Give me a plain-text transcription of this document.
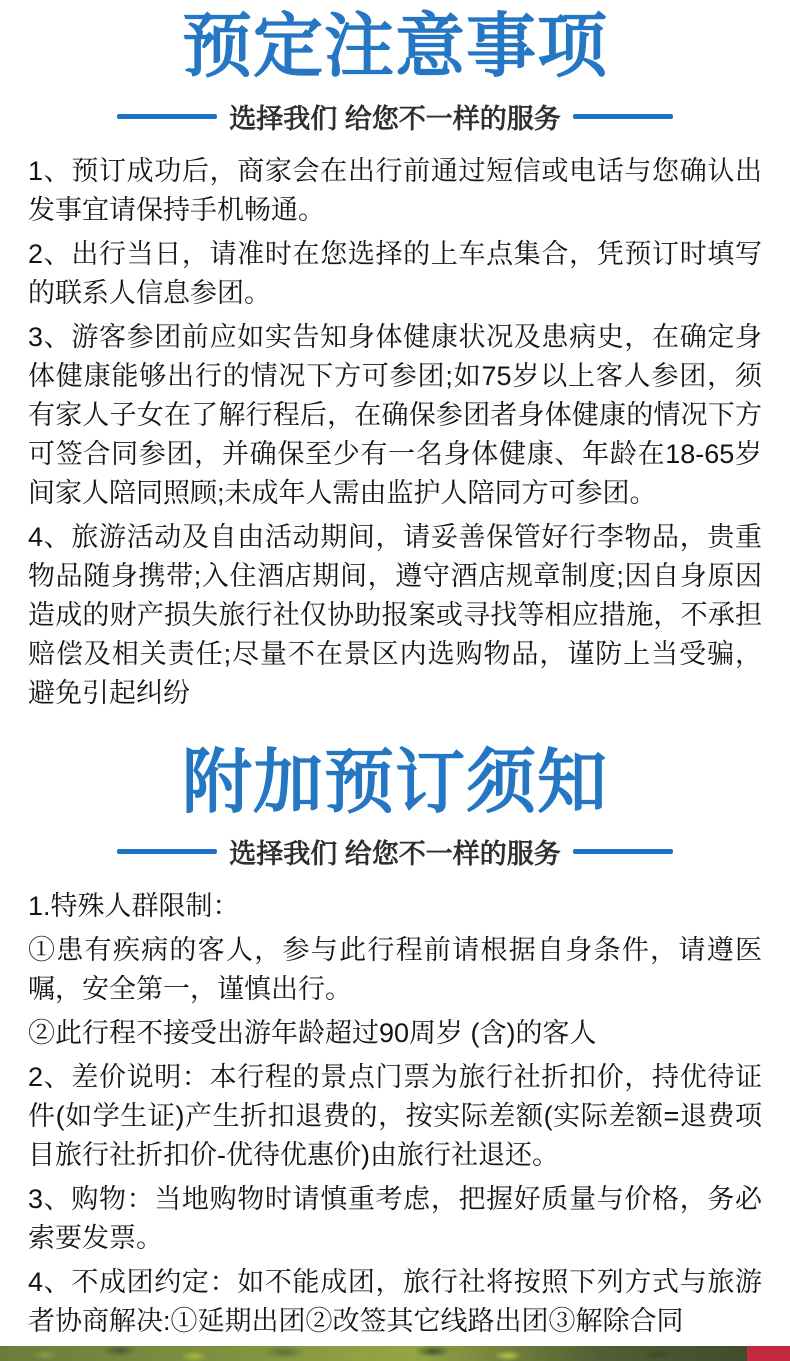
预定注意事项
选择我们 给您不一样的服务

1、预订成功后，商家会在出行前通过短信或电话与您确认出发事宜请保持手机畅通。

2、出行当日，请准时在您选择的上车点集合，凭预订时填写的联系人信息参团。

3、游客参团前应如实告知身体健康状况及患病史，在确定身体健康能够出行的情况下方可参团;如75岁以上客人参团，须有家人子女在了解行程后，在确保参团者身体健康的情况下方可签合同参团，并确保至少有一名身体健康、年龄在18-65岁间家人陪同照顾;未成年人需由监护人陪同方可参团。

4、旅游活动及自由活动期间，请妥善保管好行李物品，贵重物品随身携带;入住酒店期间，遵守酒店规章制度;因自身原因造成的财产损失旅行社仅协助报案或寻找等相应措施，不承担赔偿及相关责任;尽量不在景区内选购物品，谨防上当受骗，避免引起纠纷

附加预订须知
选择我们 给您不一样的服务

1.特殊人群限制：

①患有疾病的客人，参与此行程前请根据自身条件，请遵医嘱，安全第一，谨慎出行。

②此行程不接受出游年龄超过90周岁 (含)的客人

2、差价说明：本行程的景点门票为旅行社折扣价，持优待证件(如学生证)产生折扣退费的，按实际差额(实际差额=退费项目旅行社折扣价-优待优惠价)由旅行社退还。

3、购物：当地购物时请慎重考虑，把握好质量与价格，务必索要发票。

4、不成团约定：如不能成团，旅行社将按照下列方式与旅游者协商解决:①延期出团②改签其它线路出团③解除合同
